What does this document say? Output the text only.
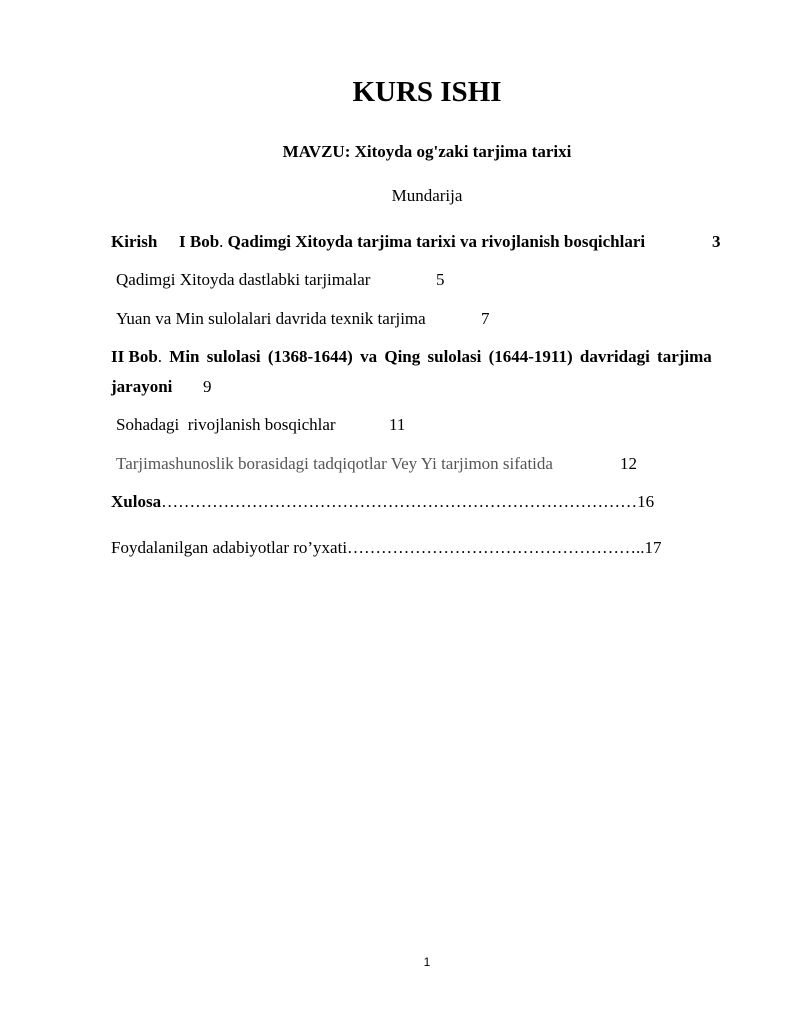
KURS ISHI
MAVZU: Xitoyda og'zaki tarjima tarixi
Mundarija
Kirish I Bob. Qadimgi Xitoyda tarjima tarixi va rivojlanish bosqichlari	3
Qadimgi Xitoyda dastlabki tarjimalar	5
Yuan va Min sulolalari davrida texnik tarjima	7
II Bob. Min sulolasi (1368-1644) va Qing sulolasi (1644-1911) davridagi tarjima
jarayoni 9
Sohadagi  rivojlanish bosqichlar	11
Tarjimashunoslik borasidagi tadqiqotlar Vey Yi tarjimon sifatida	12
Xulosa…………………………………………………………………………16
Foydalanilgan adabiyotlar ro’yxati……………………………………………..17
1
